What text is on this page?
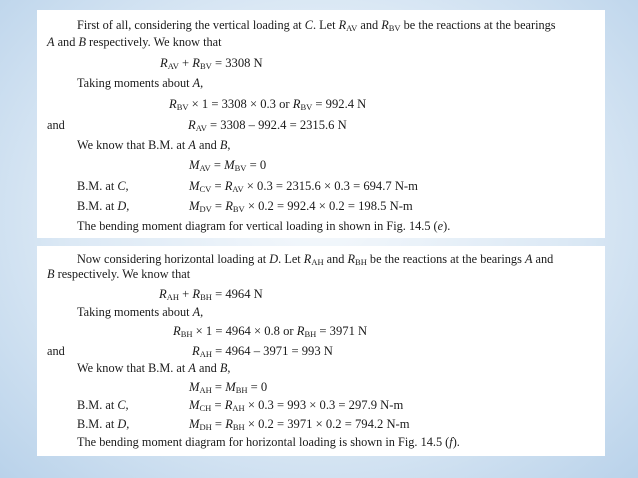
First of all, considering the vertical loading at C. Let $R_{AV}$ and $R_{BV}$ be the reactions at the bearings
A and B respectively. We know that
$R_{AV} + R_{BV} = 3308$ N
Taking moments about A,
$R_{BV} \times 1 = 3308 \times 0.3$ or $R_{BV} = 992.4$ N
and	$R_{AV} = 3308 - 992.4 = 2315.6$ N
We know that B.M. at A and B,
$M_{AV} = M_{BV} = 0$
B.M. at C,	$M_{CV} = R_{AV} \times 0.3 = 2315.6 \times 0.3 = 694.7$ N-m
B.M. at D,	$M_{DV} = R_{BV} \times 0.2 = 992.4 \times 0.2 = 198.5$ N-m
The bending moment diagram for vertical loading in shown in Fig. 14.5 (e).
Now considering horizontal loading at D. Let $R_{AH}$ and $R_{BH}$ be the reactions at the bearings A and
B respectively. We know that
$R_{AH} + R_{BH} = 4964$ N
Taking moments about A,
$R_{BH} \times 1 = 4964 \times 0.8$ or $R_{BH} = 3971$ N
and	$R_{AH} = 4964 - 3971 = 993$ N
We know that B.M. at A and B,
$M_{AH} = M_{BH} = 0$
B.M. at C,	$M_{CH} = R_{AH} \times 0.3 = 993 \times 0.3 = 297.9$ N-m
B.M. at D,	$M_{DH} = R_{BH} \times 0.2 = 3971 \times 0.2 = 794.2$ N-m
The bending moment diagram for horizontal loading is shown in Fig. 14.5 (f).
